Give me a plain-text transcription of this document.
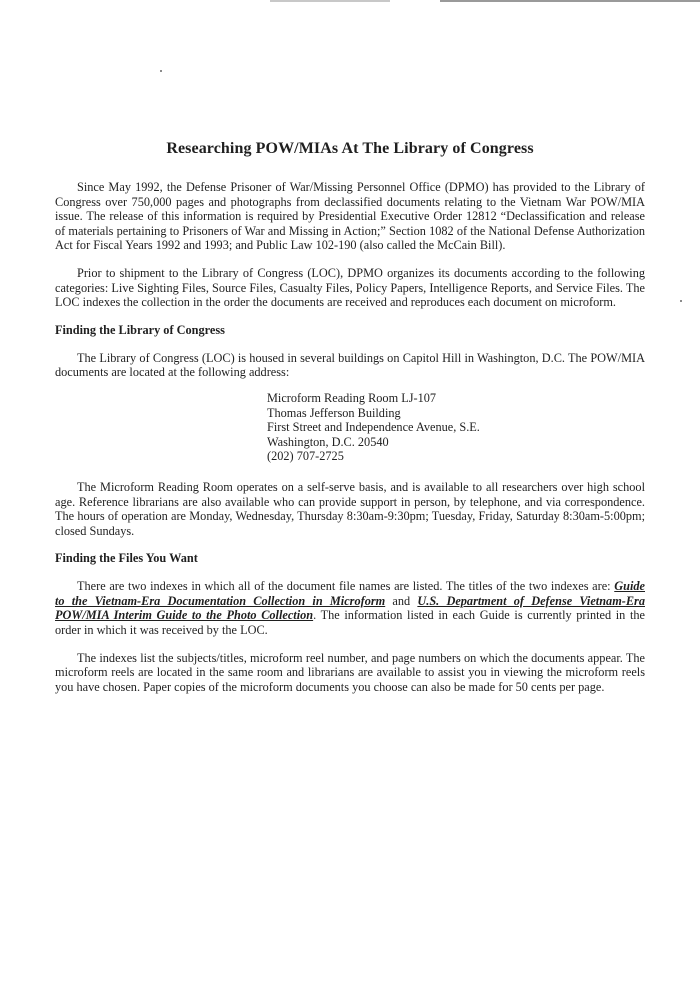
Researching POW/MIAs At The Library of Congress

Since May 1992, the Defense Prisoner of War/Missing Personnel Office (DPMO) has provided to the Library of Congress over 750,000 pages and photographs from declassified documents relating to the Vietnam War POW/MIA issue. The release of this information is required by Presidential Executive Order 12812 “Declassification and release of materials pertaining to Prisoners of War and Missing in Action;” Section 1082 of the National Defense Authorization Act for Fiscal Years 1992 and 1993; and Public Law 102-190 (also called the McCain Bill).

Prior to shipment to the Library of Congress (LOC), DPMO organizes its documents according to the following categories: Live Sighting Files, Source Files, Casualty Files, Policy Papers, Intelligence Reports, and Service Files. The LOC indexes the collection in the order the documents are received and reproduces each document on microform.

Finding the Library of Congress

The Library of Congress (LOC) is housed in several buildings on Capitol Hill in Washington, D.C. The POW/MIA documents are located at the following address:

Microform Reading Room LJ-107
Thomas Jefferson Building
First Street and Independence Avenue, S.E.
Washington, D.C. 20540
(202) 707-2725

The Microform Reading Room operates on a self-serve basis, and is available to all researchers over high school age. Reference librarians are also available who can provide support in person, by telephone, and via correspondence. The hours of operation are Monday, Wednesday, Thursday 8:30am-9:30pm; Tuesday, Friday, Saturday 8:30am-5:00pm; closed Sundays.

Finding the Files You Want

There are two indexes in which all of the document file names are listed. The titles of the two indexes are: Guide to the Vietnam-Era Documentation Collection in Microform and U.S. Department of Defense Vietnam-Era POW/MIA Interim Guide to the Photo Collection. The information listed in each Guide is currently printed in the order in which it was received by the LOC.

The indexes list the subjects/titles, microform reel number, and page numbers on which the documents appear. The microform reels are located in the same room and librarians are available to assist you in viewing the microform reels you have chosen. Paper copies of the microform documents you choose can also be made for 50 cents per page.
